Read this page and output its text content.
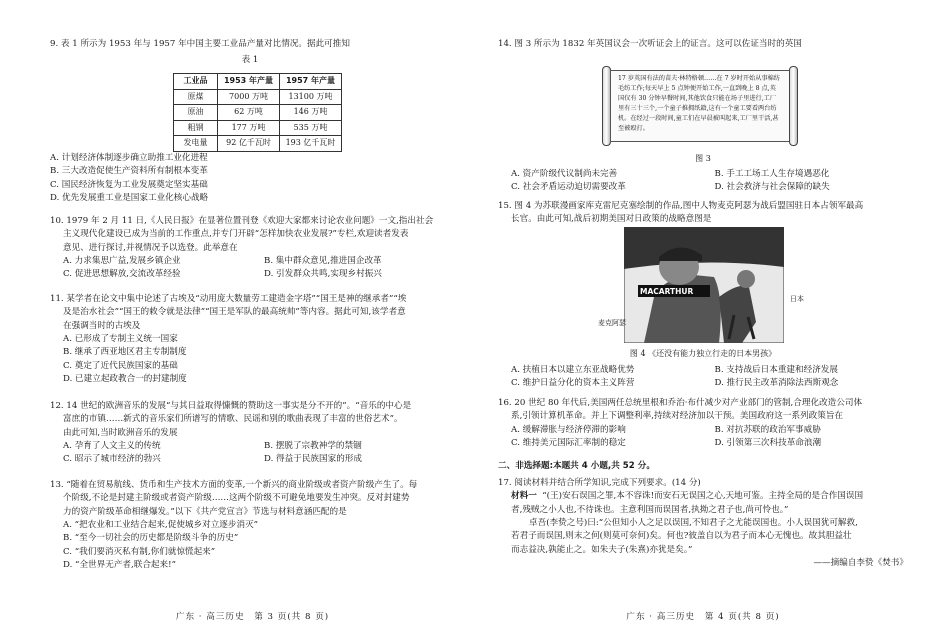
9. 表 1 所示为 1953 年与 1957 年中国主要工业品产量对比情况。据此可推知
表 1
工业品	1953 年产量	1957 年产量
原煤	7000 万吨	13100 万吨
原油	62 万吨	146 万吨
粗钢	177 万吨	535 万吨
发电量	92 亿千瓦时	193 亿千瓦时
A. 计划经济体制逐步确立助推工业化进程
B. 三大改造促使生产资料所有制根本变革
C. 国民经济恢复为工业发展奠定坚实基础
D. 优先发展重工业是国家工业化核心战略
10. 1979 年 2 月 11 日,《人民日报》在显著位置刊登《欢迎大家都来讨论农业问题》一文,指出社会
主义现代化建设已成为当前的工作重点,并专门开辟“怎样加快农业发展?”专栏,欢迎读者发表
意见、进行探讨,并视情况予以选登。此举意在
A. 力求集思广益,发展乡镇企业	B. 集中群众意见,推进国企改革
C. 促进思想解放,交流改革经验	D. 引发群众共鸣,实现乡村振兴
11. 某学者在论文中集中论述了古埃及“动用庞大数量劳工建造金字塔”“国王是神的继承者”“埃
及是治水社会”“国王的敕令就是法律”“国王是军队的最高统帅”等内容。据此可知,该学者意
在强调当时的古埃及
A. 已形成了专制主义统一国家
B. 继承了西亚地区君主专制制度
C. 奠定了近代民族国家的基础
D. 已建立起政教合一的封建制度
12. 14 世纪的欧洲音乐的发展“与其日益取得慷慨的赞助这一事实是分不开的”。“音乐的中心是
富庶的市镇……新式的音乐家们所谱写的情歌、民谣和别的歌曲表现了丰富的世俗艺术”。
由此可知,当时欧洲音乐的发展
A. 孕育了人文主义的传统	B. 摆脱了宗教神学的禁锢
C. 昭示了城市经济的勃兴	D. 得益于民族国家的形成
13. “随着在贸易航线、货币和生产技术方面的变革,一个新兴的商业阶级或者资产阶级产生了。每
个阶级,不论是封建主阶级或者资产阶级……这两个阶级不可避免地要发生冲突。反对封建势
力的资产阶级革命相继爆发。”以下《共产党宣言》节选与材料意涵匹配的是
A. “把农业和工业结合起来,促使城乡对立逐步消灭”
B. “至今一切社会的历史都是阶级斗争的历史”
C. “我们要消灭私有制,你们就惊慌起来”
D. “全世界无产者,联合起来!”
广东 · 高三历史　第 3 页(共 8 页)
14. 图 3 所示为 1832 年英国议会一次听证会上的证言。这可以佐证当时的英国
17 岁英国有法的苗夫·林特格顿……在 7 岁时开始从事棉纺毛纺工作;每天早上 5 点钟便开始工作,一直到晚上 8 点,英国仅有 30 分钟早餐时间,其他饮食只能在场子里进行,工厂里有三十三个,一个童子推拥纸籍,这有一个童工要看两台纺机。在经过一段时间,童工们在早晨被叫起来,工厂里干活,甚至被殴打。
图 3
A. 资产阶级代议制尚未完善	B. 手工工场工人生存境遇恶化
C. 社会矛盾运动迫切需要改革	D. 社会救济与社会保障的缺失
15. 图 4 为苏联漫画家库克雷尼克塞绘制的作品,图中人物麦克阿瑟为战后盟国驻日本占领军最高
长官。由此可知,战后初期美国对日政策的战略意图是
MACARTHUR
麦克阿瑟
日本
图 4 《还没有能力独立行走的日本男孩》
A. 扶植日本以建立东亚战略优势	B. 支持战后日本重建和经济发展
C. 维护日益分化的资本主义阵营	D. 推行民主改革消除法西斯观念
16. 20 世纪 80 年代后,美国两任总统里根和乔治·布什减少对产业部门的管制,合理化改造公司体
系,引领计算机革命。并上下调整利率,持续对经济加以干预。美国政府这一系列政策旨在
A. 缓解滞胀与经济停滞的影响	B. 对抗苏联的政治军事威胁
C. 维持美元国际汇率制的稳定	D. 引领第三次科技革命浪潮
二、非选择题:本题共 4 小题,共 52 分。
17. 阅读材料并结合所学知识,完成下列要求。(14 分)
材料一 “(王)安石误国之罪,本不容诛!而安石无误国之心,天地可鉴。主持全局的是合作国误国
者,残贼之小人也,不待诛也。主意利国而误国者,执拗之君子也,尚可怜也。”
卓吾(李贽之号)曰:“公但知小人之足以误国,不知君子之尤能误国也。小人误国犹可解救,
若君子而误国,则末之何(则莫可奈何)矣。何也?彼盖自以为君子而本心无愧也。故其胆益壮
而志益决,孰能止之。如朱夫子(朱熹)亦犹是矣。”
——摘编自李贽《焚书》
广东 · 高三历史　第 4 页(共 8 页)
